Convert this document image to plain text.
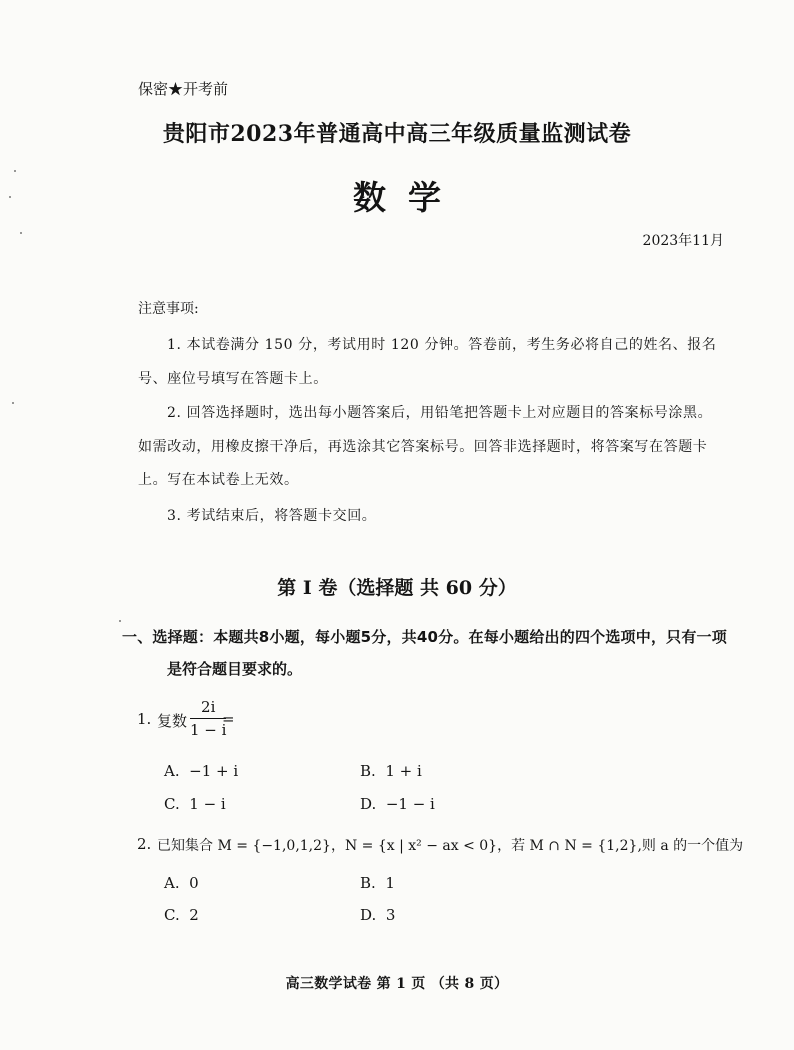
保密★开考前
贵阳市2023年普通高中高三年级质量监测试卷
数学
2023年11月
注意事项:
1. 本试卷满分 150 分，考试用时 120 分钟。答卷前，考生务必将自己的姓名、报名
号、座位号填写在答题卡上。
2. 回答选择题时，选出每小题答案后，用铅笔把答题卡上对应题目的答案标号涂黑。
如需改动，用橡皮擦干净后，再选涂其它答案标号。回答非选择题时，将答案写在答题卡
上。写在本试卷上无效。
3. 考试结束后，将答题卡交回。
第 I 卷（选择题 共 60 分）
一、选择题：本题共8小题，每小题5分，共40分。在每小题给出的四个选项中，只有一项
是符合题目要求的。
1. 复数 $\frac{2i}{1 - i}$
=
A. −1 + i	B. 1 + i
C. 1 − i	D. −1 − i
2. 已知集合 M = {−1,0,1,2}，N = {x | x² − ax < 0}，若 M ∩ N = {1,2},则 a 的一个值为
A. 0	B. 1
C. 2	D. 3
高三数学试卷 第 1 页 （共 8 页）
